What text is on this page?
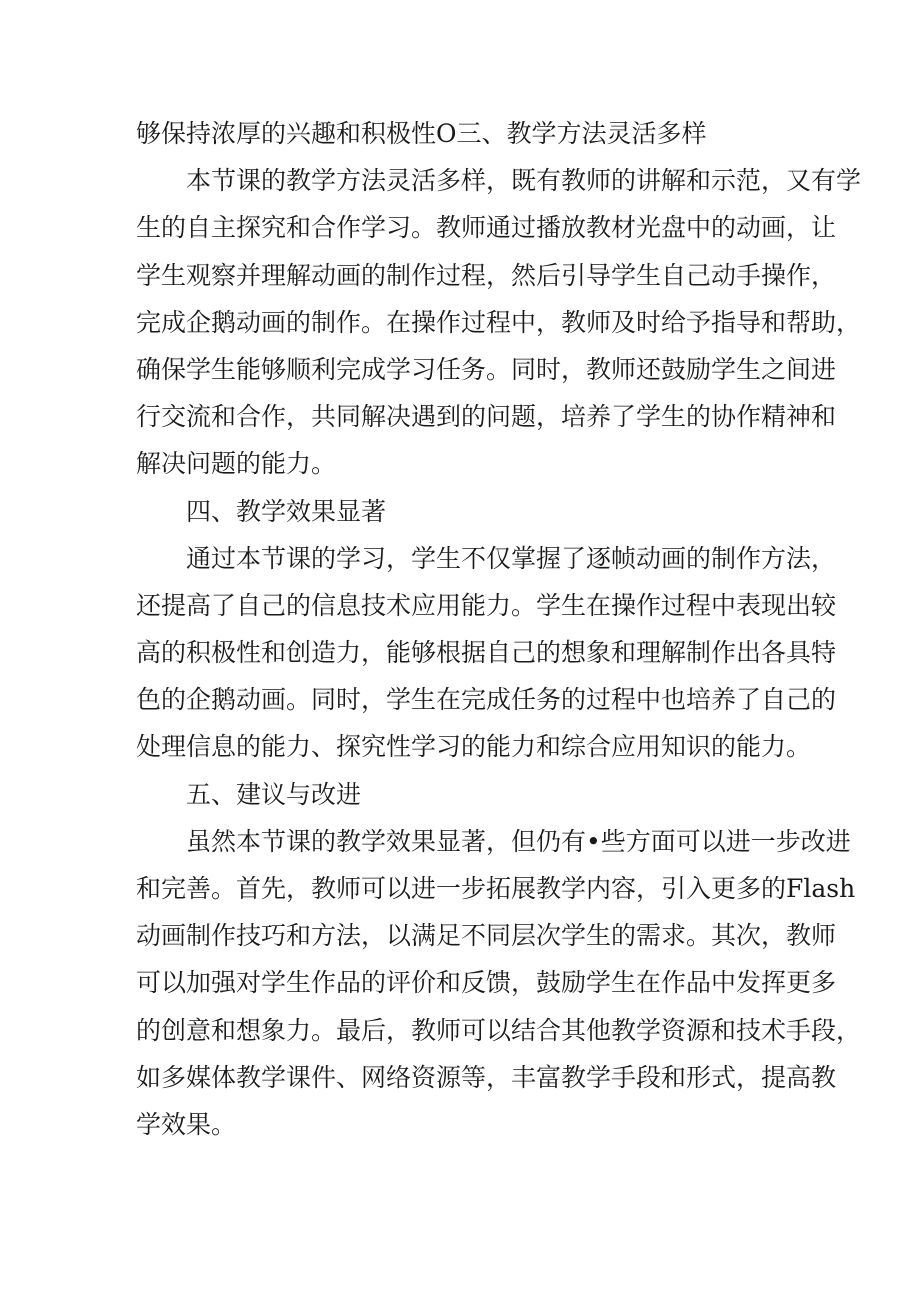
够保持浓厚的兴趣和积极性O三、教学方法灵活多样
本节课的教学方法灵活多样，既有教师的讲解和示范，又有学
生的自主探究和合作学习。教师通过播放教材光盘中的动画，让
学生观察并理解动画的制作过程，然后引导学生自己动手操作，
完成企鹅动画的制作。在操作过程中，教师及时给予指导和帮助，
确保学生能够顺利完成学习任务。同时，教师还鼓励学生之间进
行交流和合作，共同解决遇到的问题，培养了学生的协作精神和
解决问题的能力。
四、教学效果显著
通过本节课的学习，学生不仅掌握了逐帧动画的制作方法，
还提高了自己的信息技术应用能力。学生在操作过程中表现出较
高的积极性和创造力，能够根据自己的想象和理解制作出各具特
色的企鹅动画。同时，学生在完成任务的过程中也培养了自己的
处理信息的能力、探究性学习的能力和综合应用知识的能力。
五、建议与改进
虽然本节课的教学效果显著，但仍有•些方面可以进一步改进
和完善。首先，教师可以进一步拓展教学内容，引入更多的Flash
动画制作技巧和方法，以满足不同层次学生的需求。其次，教师
可以加强对学生作品的评价和反馈，鼓励学生在作品中发挥更多
的创意和想象力。最后，教师可以结合其他教学资源和技术手段，
如多媒体教学课件、网络资源等，丰富教学手段和形式，提高教
学效果。
